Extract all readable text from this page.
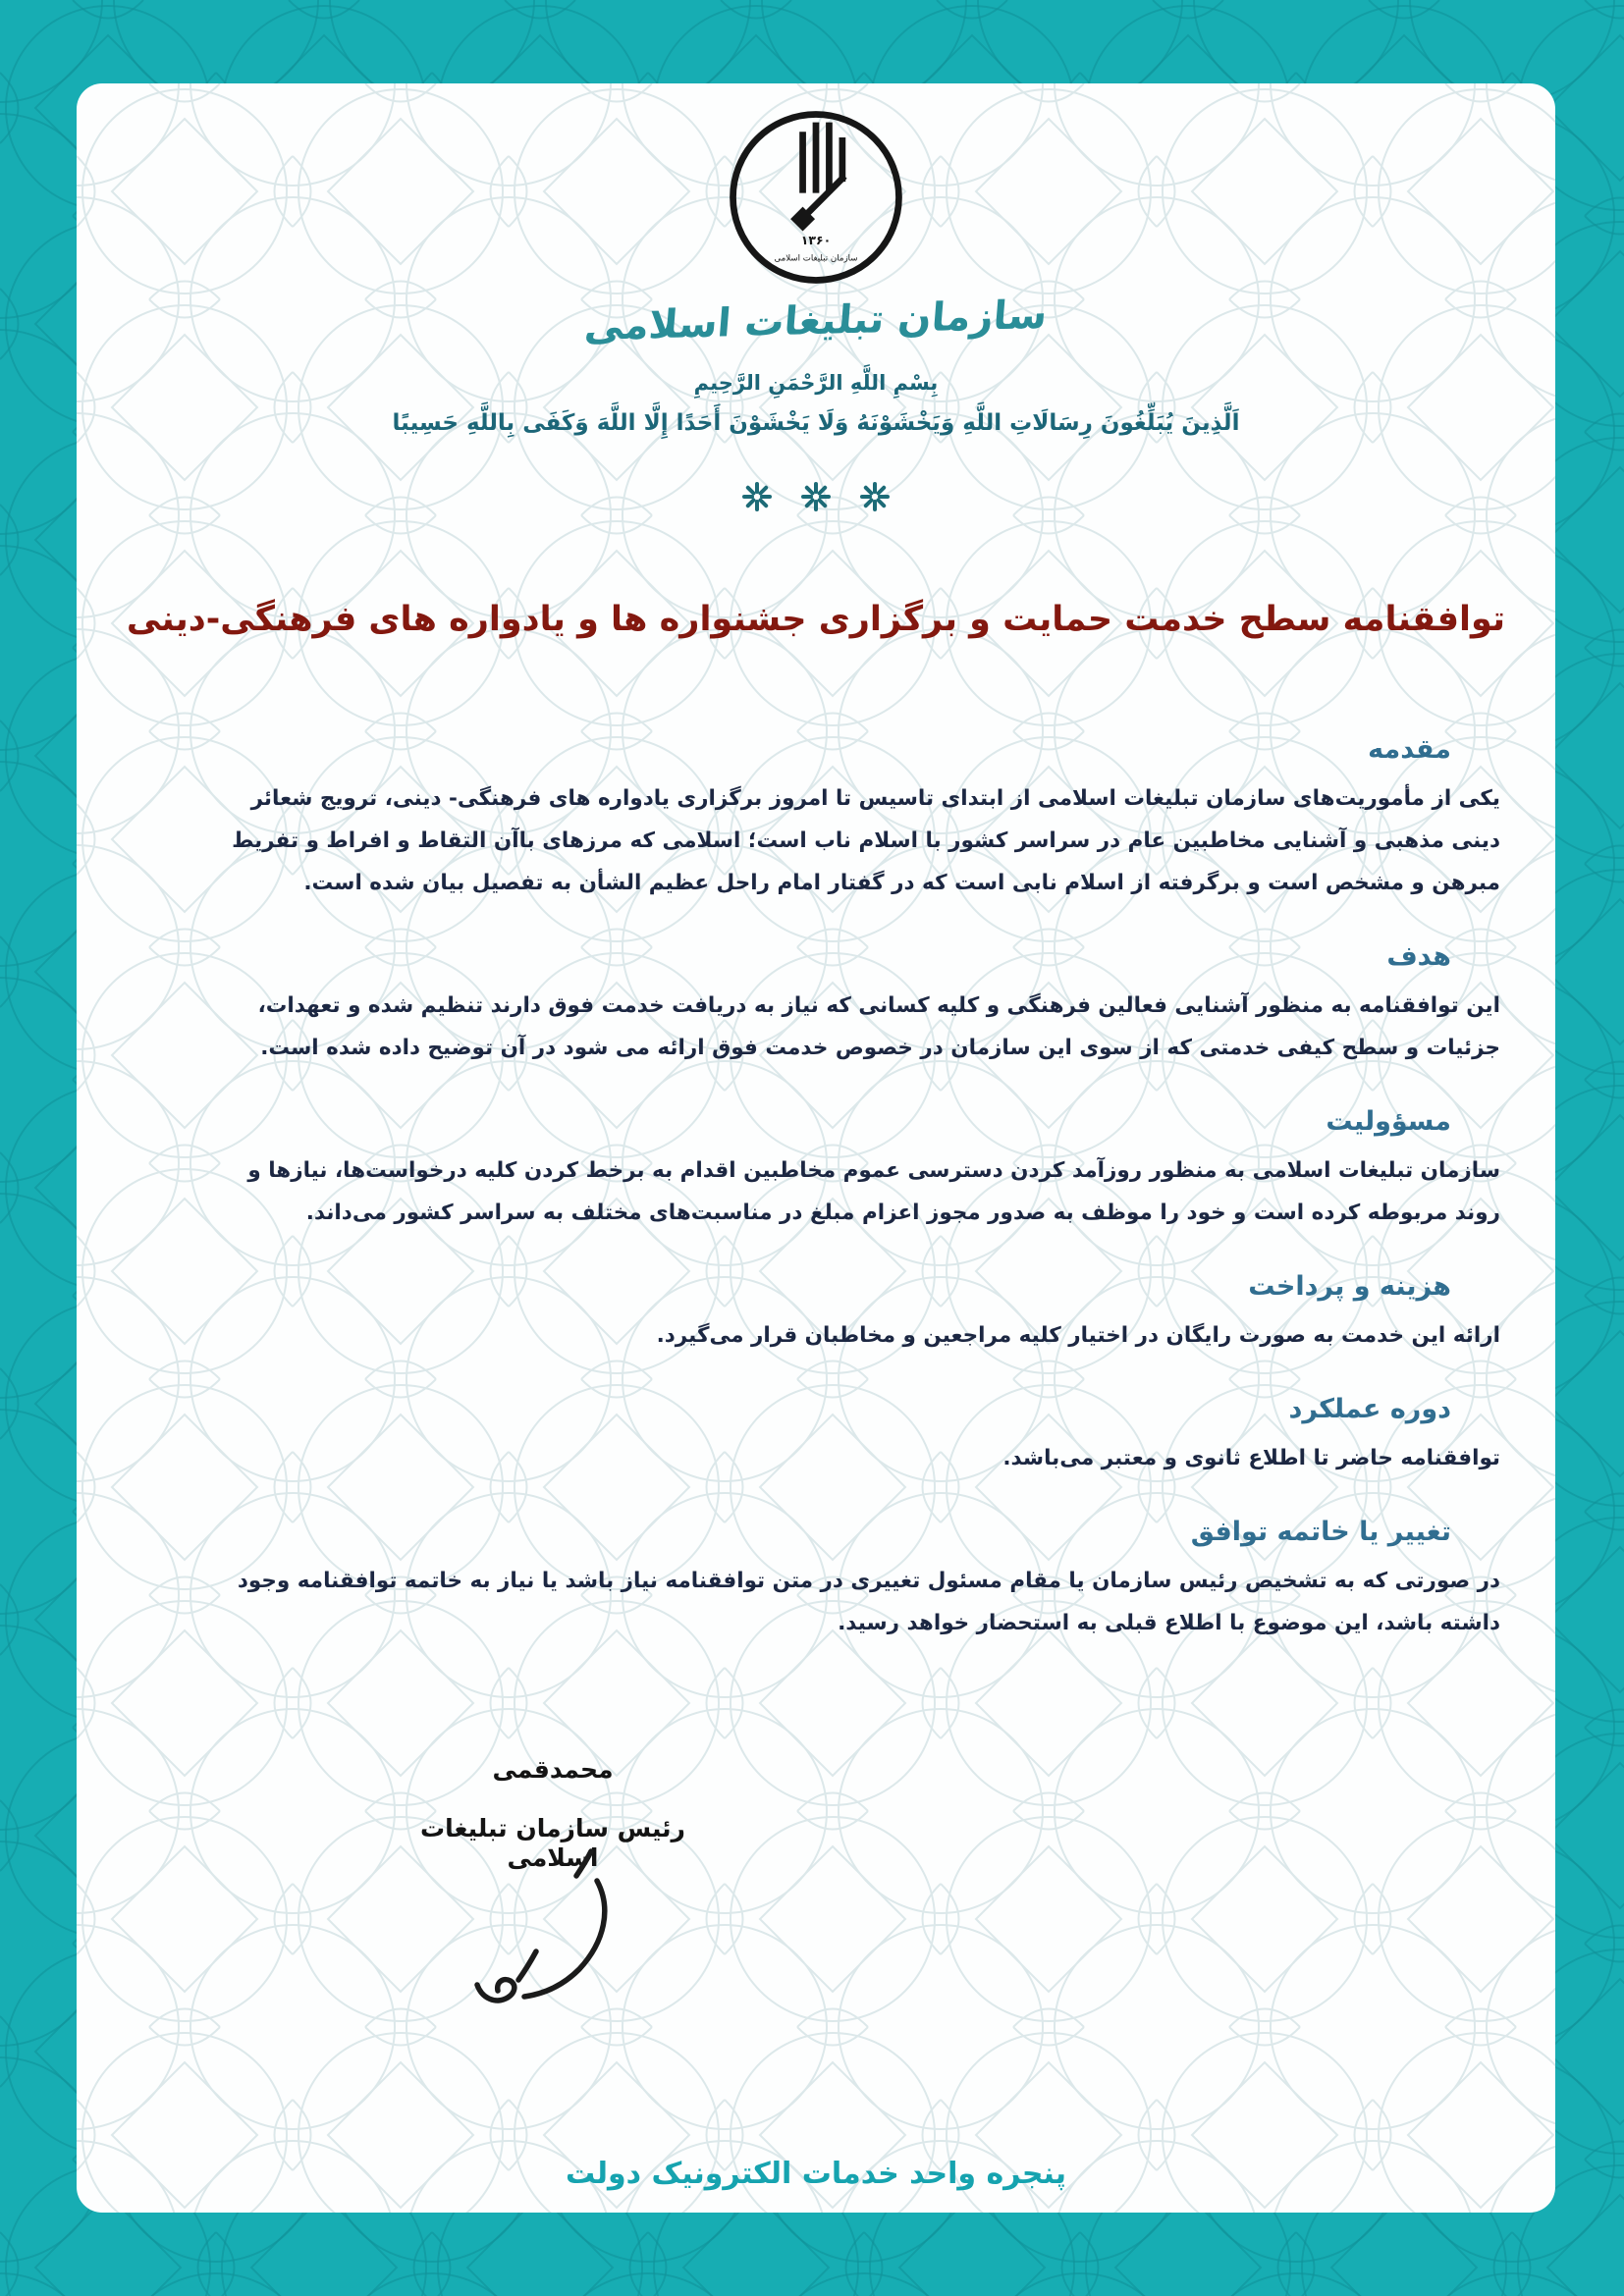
۱۳۶۰
سازمان تبلیغات اسلامی
سازمان تبلیغات اسلامی
بِسْمِ اللَّهِ الرَّحْمَنِ الرَّحِيمِ
اَلَّذِينَ يُبَلِّغُونَ رِسَالَاتِ اللَّهِ وَيَخْشَوْنَهُ وَلَا يَخْشَوْنَ أَحَدًا إِلَّا اللَّهَ وَكَفَى بِاللَّهِ حَسِيبًا
توافقنامه سطح خدمت حمایت و برگزاری جشنواره ها و یادواره های فرهنگی-دینی
مقدمه

یکی از مأموریت‌های سازمان تبلیغات اسلامی از ابتدای تاسیس تا امروز برگزاری یادواره های فرهنگی- دینی، ترویج شعائر دینی مذهبی و آشنایی مخاطبین عام در سراسر کشور با اسلام ناب است؛ اسلامی که مرزهای باآن التقاط و افراط و تفریط مبرهن و مشخص است و برگرفته از اسلام نابی است که در گفتار امام راحل عظیم الشأن به تفصیل بیان شده است.

هدف

این توافقنامه به منظور آشنایی فعالین فرهنگی و کلیه کسانی که نیاز به دریافت خدمت فوق دارند تنظیم شده و تعهدات، جزئیات و سطح کیفی خدمتی که از سوی این سازمان در خصوص خدمت فوق ارائه می شود در آن توضیح داده شده است.

مسؤولیت

سازمان تبلیغات اسلامی به منظور روزآمد کردن دسترسی عموم مخاطبین اقدام به برخط کردن کلیه درخواست‌ها، نیازها و روند مربوطه کرده است و خود را موظف به صدور مجوز اعزام مبلغ در مناسبت‌های مختلف به سراسر کشور می‌داند.

هزینه و پرداخت

ارائه این خدمت به صورت رایگان در اختیار کلیه مراجعین و مخاطبان قرار می‌گیرد.

دوره عملکرد

توافقنامه حاضر تا اطلاع ثانوی و معتبر می‌باشد.

تغییر یا خاتمه توافق

در صورتی که به تشخیص رئیس سازمان یا مقام مسئول تغییری در متن توافقنامه نیاز باشد یا نیاز به خاتمه توافقنامه وجود داشته باشد، این موضوع با اطلاع قبلی به استحضار خواهد رسید.

محمدقمی
رئیس سازمان تبلیغات اسلامی
پنجره واحد خدمات الکترونیک دولت
